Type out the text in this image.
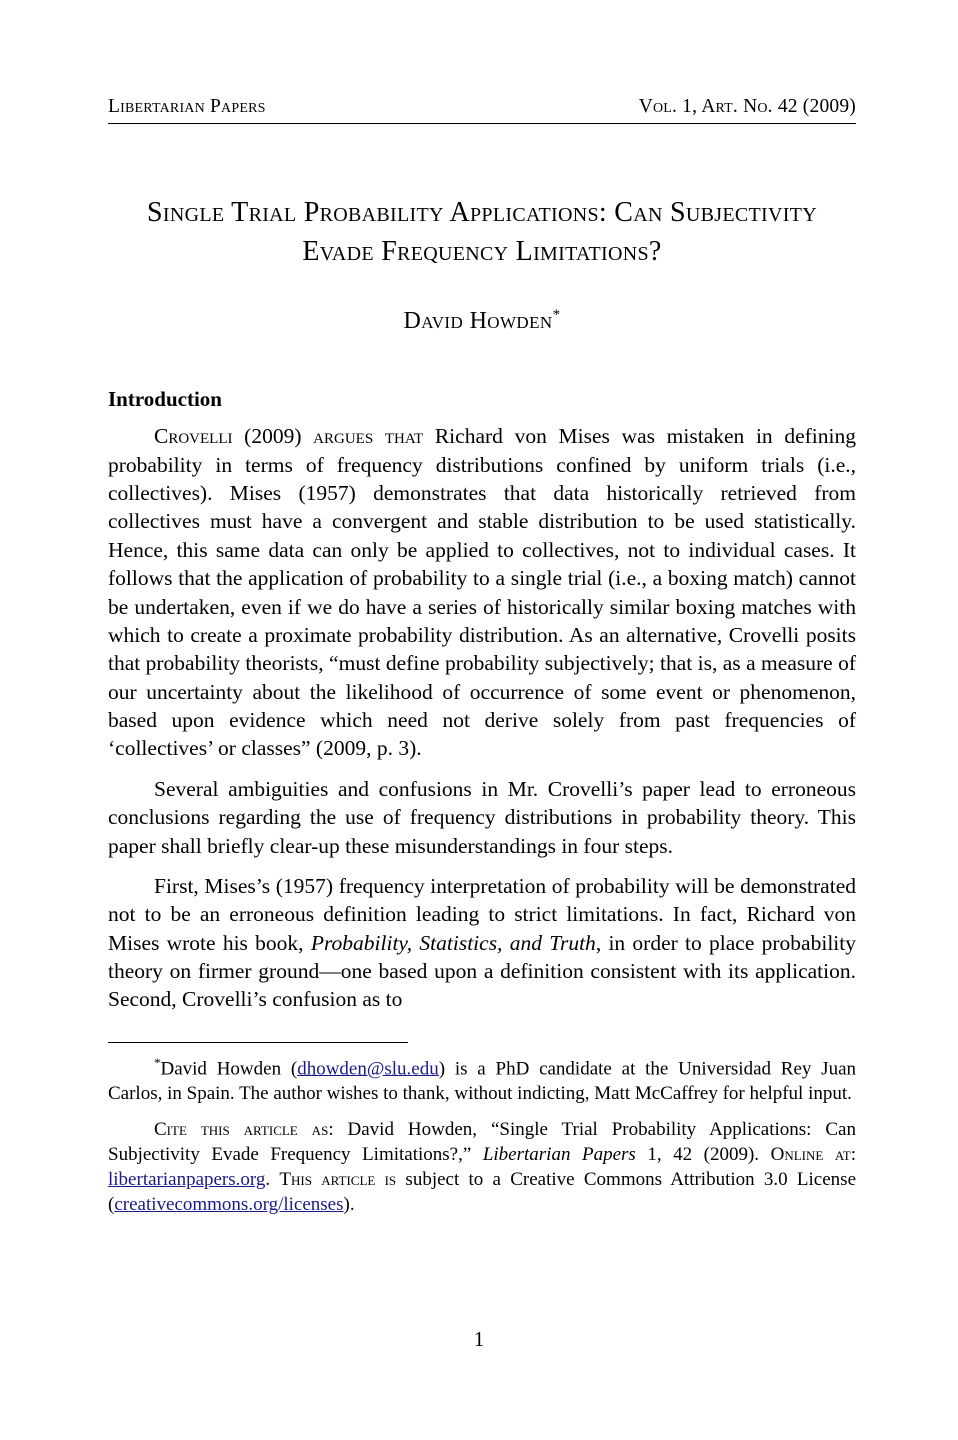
Libertarian Papers	Vol. 1, Art. No. 42 (2009)
Single Trial Probability Applications: Can Subjectivity Evade Frequency Limitations?
David Howden*
Introduction

Crovelli (2009) argues that Richard von Mises was mistaken in defining probability in terms of frequency distributions confined by uniform trials (i.e., collectives). Mises (1957) demonstrates that data historically retrieved from collectives must have a convergent and stable distribution to be used statistically. Hence, this same data can only be applied to collectives, not to individual cases. It follows that the application of probability to a single trial (i.e., a boxing match) cannot be undertaken, even if we do have a series of historically similar boxing matches with which to create a proximate probability distribution. As an alternative, Crovelli posits that probability theorists, “must define probability subjectively; that is, as a measure of our uncertainty about the likelihood of occurrence of some event or phenomenon, based upon evidence which need not derive solely from past frequencies of ‘collectives’ or classes” (2009, p. 3).

Several ambiguities and confusions in Mr. Crovelli’s paper lead to erroneous conclusions regarding the use of frequency distributions in probability theory. This paper shall briefly clear-up these misunderstandings in four steps.

First, Mises’s (1957) frequency interpretation of probability will be demonstrated not to be an erroneous definition leading to strict limitations. In fact, Richard von Mises wrote his book, Probability, Statistics, and Truth, in order to place probability theory on firmer ground—one based upon a definition consistent with its application. Second, Crovelli’s confusion as to

*David Howden (dhowden@slu.edu) is a PhD candidate at the Universidad Rey Juan Carlos, in Spain. The author wishes to thank, without indicting, Matt McCaffrey for helpful input.

Cite this article as: David Howden, “Single Trial Probability Applications: Can Subjectivity Evade Frequency Limitations?,” Libertarian Papers 1, 42 (2009). Online at: libertarianpapers.org. This article is subject to a Creative Commons Attribution 3.0 License (creativecommons.org/licenses).

1
